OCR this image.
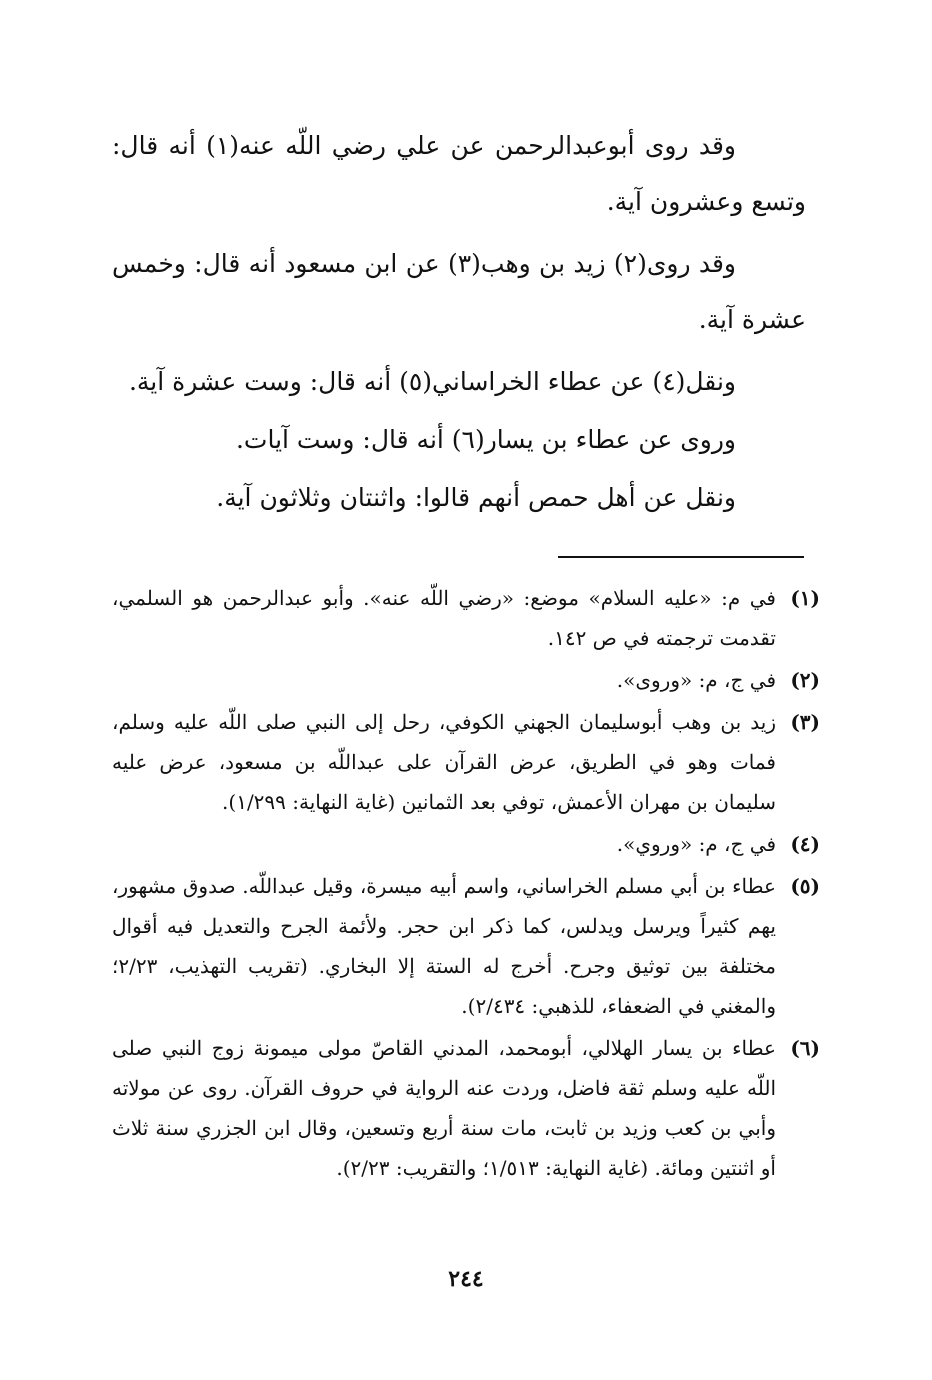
وقد روى أبوعبدالرحمن عن علي رضي اللّه عنه(١) أنه قال: وتسع وعشرون آية.

وقد روى(٢) زيد بن وهب(٣) عن ابن مسعود أنه قال: وخمس عشرة آية.

ونقل(٤) عن عطاء الخراساني(٥) أنه قال: وست عشرة آية.

وروى عن عطاء بن يسار(٦) أنه قال: وست آيات.

ونقل عن أهل حمص أنهم قالوا: واثنتان وثلاثون آية.

(١)
في م: «عليه السلام» موضع: «رضي اللّه عنه». وأبو عبدالرحمن هو السلمي، تقدمت ترجمته في ص ١٤٢.
(٢)
في ج، م: «وروى».
(٣)
زيد بن وهب أبوسليمان الجهني الكوفي، رحل إلى النبي صلى اللّه عليه وسلم، فمات وهو في الطريق، عرض القرآن على عبداللّه بن مسعود، عرض عليه سليمان بن مهران الأعمش، توفي بعد الثمانين (غاية النهاية: ١/٢٩٩).
(٤)
في ج، م: «وروي».
(٥)
عطاء بن أبي مسلم الخراساني، واسم أبيه ميسرة، وقيل عبداللّه. صدوق مشهور، يهم كثيراً ويرسل ويدلس، كما ذكر ابن حجر. ولأئمة الجرح والتعديل فيه أقوال مختلفة بين توثيق وجرح. أخرج له الستة إلا البخاري. (تقريب التهذيب، ٢/٢٣؛ والمغني في الضعفاء، للذهبي: ٢/٤٣٤).
(٦)
عطاء بن يسار الهلالي، أبومحمد، المدني القاصّ مولى ميمونة زوج النبي صلى اللّه عليه وسلم ثقة فاضل، وردت عنه الرواية في حروف القرآن. روى عن مولاته وأبي بن كعب وزيد بن ثابت، مات سنة أربع وتسعين، وقال ابن الجزري سنة ثلاث أو اثنتين ومائة. (غاية النهاية: ١/٥١٣؛ والتقريب: ٢/٢٣).
٢٤٤
